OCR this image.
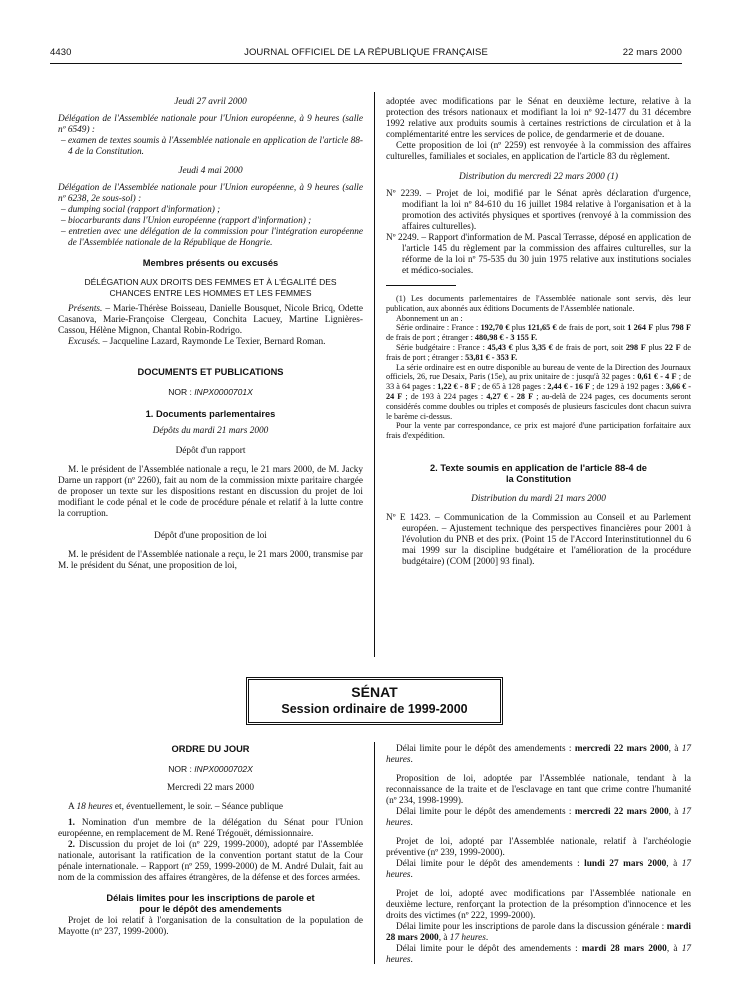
4430	JOURNAL OFFICIEL DE LA RÉPUBLIQUE FRANÇAISE	22 mars 2000

Jeudi 27 avril 2000

Délégation de l'Assemblée nationale pour l'Union européenne, à 9 heures (salle nº 6549) :

– examen de textes soumis à l'Assemblée nationale en application de l'article 88-4 de la Constitution.

Jeudi 4 mai 2000

Délégation de l'Assemblée nationale pour l'Union européenne, à 9 heures (salle nº 6238, 2e sous-sol) :

– dumping social (rapport d'information) ;

– biocarburants dans l'Union européenne (rapport d'information) ;

– entretien avec une délégation de la commission pour l'intégration européenne de l'Assemblée nationale de la République de Hongrie.

Membres présents ou excusés

DÉLÉGATION AUX DROITS DES FEMMES ET À L'ÉGALITÉ DES CHANCES ENTRE LES HOMMES ET LES FEMMES

Présents. – Marie-Thérèse Boisseau, Danielle Bousquet, Nicole Bricq, Odette Casanova, Marie-Françoise Clergeau, Conchita Lacuey, Martine Lignières-Cassou, Hélène Mignon, Chantal Robin-Rodrigo.

Excusés. – Jacqueline Lazard, Raymonde Le Texier, Bernard Roman.

DOCUMENTS ET PUBLICATIONS

NOR : INPX0000701X

1. Documents parlementaires

Dépôts du mardi 21 mars 2000

Dépôt d'un rapport

M. le président de l'Assemblée nationale a reçu, le 21 mars 2000, de M. Jacky Darne un rapport (nº 2260), fait au nom de la commission mixte paritaire chargée de proposer un texte sur les dispositions restant en discussion du projet de loi modifiant le code pénal et le code de procédure pénale et relatif à la lutte contre la corruption.

Dépôt d'une proposition de loi

M. le président de l'Assemblée nationale a reçu, le 21 mars 2000, transmise par M. le président du Sénat, une proposition de loi,

adoptée avec modifications par le Sénat en deuxième lecture, relative à la protection des trésors nationaux et modifiant la loi nº 92-1477 du 31 décembre 1992 relative aux produits soumis à certaines restrictions de circulation et à la complémentarité entre les services de police, de gendarmerie et de douane.

Cette proposition de loi (nº 2259) est renvoyée à la commission des affaires culturelles, familiales et sociales, en application de l'article 83 du règlement.

Distribution du mercredi 22 mars 2000 (1)

Nº 2239. – Projet de loi, modifié par le Sénat après déclaration d'urgence, modifiant la loi nº 84-610 du 16 juillet 1984 relative à l'organisation et à la promotion des activités physiques et sportives (renvoyé à la commission des affaires culturelles).

Nº 2249. – Rapport d'information de M. Pascal Terrasse, déposé en application de l'article 145 du règlement par la commission des affaires culturelles, sur la réforme de la loi nº 75-535 du 30 juin 1975 relative aux institutions sociales et médico-sociales.

(1) Les documents parlementaires de l'Assemblée nationale sont servis, dès leur publication, aux abonnés aux éditions Documents de l'Assemblée nationale.

Abonnement un an :

Série ordinaire : France : 192,70 € plus 121,65 € de frais de port, soit 1 264 F plus 798 F de frais de port ; étranger : 480,98 € - 3 155 F.

Série budgétaire : France : 45,43 € plus 3,35 € de frais de port, soit 298 F plus 22 F de frais de port ; étranger : 53,81 € - 353 F.

La série ordinaire est en outre disponible au bureau de vente de la Direction des Journaux officiels, 26, rue Desaix, Paris (15e), au prix unitaire de : jusqu'à 32 pages : 0,61 € - 4 F ; de 33 à 64 pages : 1,22 € - 8 F ; de 65 à 128 pages : 2,44 € - 16 F ; de 129 à 192 pages : 3,66 € - 24 F ; de 193 à 224 pages : 4,27 € - 28 F ; au-delà de 224 pages, ces documents seront considérés comme doubles ou triples et composés de plusieurs fascicules dont chacun suivra le barème ci-dessus.

Pour la vente par correspondance, ce prix est majoré d'une participation forfaitaire aux frais d'expédition.

2. Texte soumis en application de l'article 88-4 de la Constitution

Distribution du mardi 21 mars 2000

Nº E 1423. – Communication de la Commission au Conseil et au Parlement européen. – Ajustement technique des perspectives financières pour 2001 à l'évolution du PNB et des prix. (Point 15 de l'Accord Interinstitutionnel du 6 mai 1999 sur la discipline budgétaire et l'amélioration de la procédure budgétaire) (COM [2000] 93 final).

SÉNAT
Session ordinaire de 1999-2000

ORDRE DU JOUR

NOR : INPX0000702X

Mercredi 22 mars 2000

A 18 heures et, éventuellement, le soir. – Séance publique

1. Nomination d'un membre de la délégation du Sénat pour l'Union européenne, en remplacement de M. René Trégouët, démissionnaire.

2. Discussion du projet de loi (nº 229, 1999-2000), adopté par l'Assemblée nationale, autorisant la ratification de la convention portant statut de la Cour pénale internationale. – Rapport (nº 259, 1999-2000) de M. André Dulait, fait au nom de la commission des affaires étrangères, de la défense et des forces armées.

Délais limites pour les inscriptions de parole et pour le dépôt des amendements

Projet de loi relatif à l'organisation de la consultation de la population de Mayotte (nº 237, 1999-2000).

Délai limite pour le dépôt des amendements : mercredi 22 mars 2000, à 17 heures.

Proposition de loi, adoptée par l'Assemblée nationale, tendant à la reconnaissance de la traite et de l'esclavage en tant que crime contre l'humanité (nº 234, 1998-1999).

Délai limite pour le dépôt des amendements : mercredi 22 mars 2000, à 17 heures.

Projet de loi, adopté par l'Assemblée nationale, relatif à l'archéologie préventive (nº 239, 1999-2000).

Délai limite pour le dépôt des amendements : lundi 27 mars 2000, à 17 heures.

Projet de loi, adopté avec modifications par l'Assemblée nationale en deuxième lecture, renforçant la protection de la présomption d'innocence et les droits des victimes (nº 222, 1999-2000).

Délai limite pour les inscriptions de parole dans la discussion générale : mardi 28 mars 2000, à 17 heures.

Délai limite pour le dépôt des amendements : mardi 28 mars 2000, à 17 heures.
